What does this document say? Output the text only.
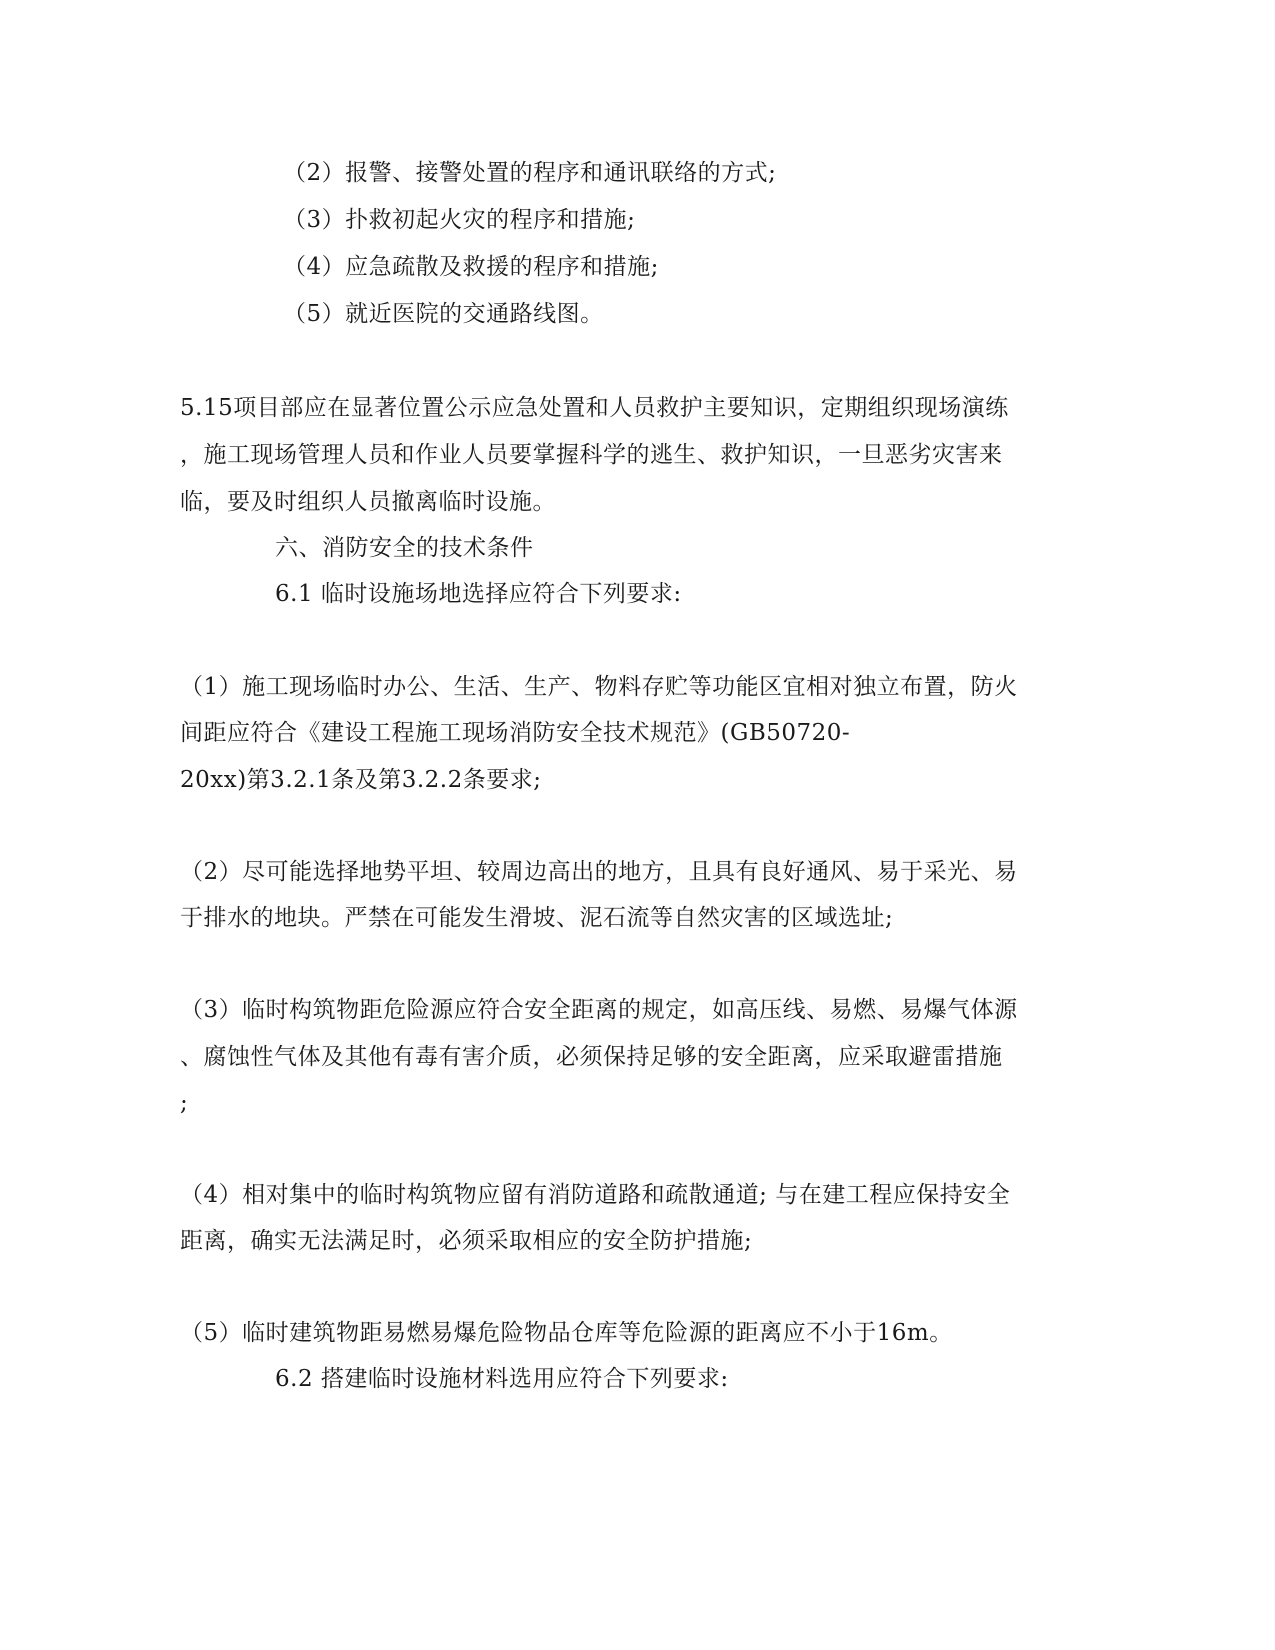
（2）报警、接警处置的程序和通讯联络的方式;
（3）扑救初起火灾的程序和措施;
（4）应急疏散及救援的程序和措施;
（5）就近医院的交通路线图。
5.15项目部应在显著位置公示应急处置和人员救护主要知识，定期组织现场演练
，施工现场管理人员和作业人员要掌握科学的逃生、救护知识，一旦恶劣灾害来
临，要及时组织人员撤离临时设施。
六、消防安全的技术条件
6.1 临时设施场地选择应符合下列要求:
（1）施工现场临时办公、生活、生产、物料存贮等功能区宜相对独立布置，防火
间距应符合《建设工程施工现场消防安全技术规范》(GB50720-
20xx)第3.2.1条及第3.2.2条要求;
（2）尽可能选择地势平坦、较周边高出的地方，且具有良好通风、易于采光、易
于排水的地块。严禁在可能发生滑坡、泥石流等自然灾害的区域选址;
（3）临时构筑物距危险源应符合安全距离的规定，如高压线、易燃、易爆气体源
、腐蚀性气体及其他有毒有害介质，必须保持足够的安全距离，应采取避雷措施
;
（4）相对集中的临时构筑物应留有消防道路和疏散通道; 与在建工程应保持安全
距离，确实无法满足时，必须采取相应的安全防护措施;
（5）临时建筑物距易燃易爆危险物品仓库等危险源的距离应不小于16m。
6.2 搭建临时设施材料选用应符合下列要求:
